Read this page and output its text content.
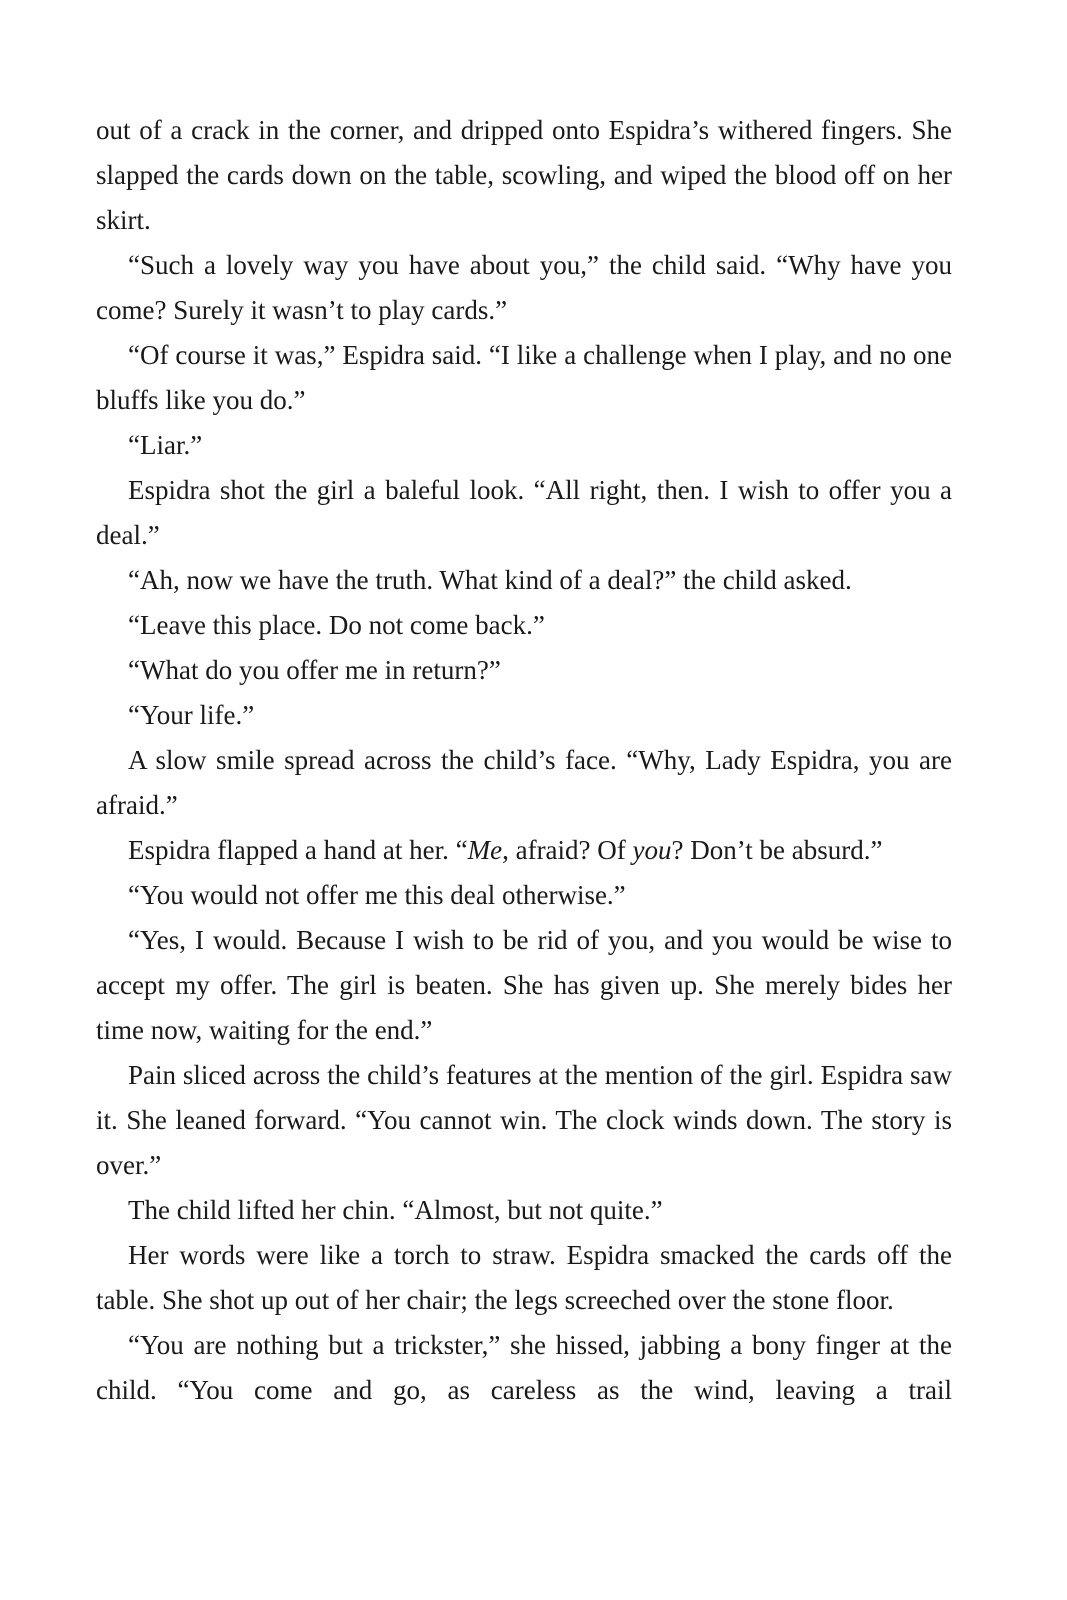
out of a crack in the corner, and dripped onto Espidra’s withered fingers. She slapped the cards down on the table, scowling, and wiped the blood off on her skirt.

“Such a lovely way you have about you,” the child said. “Why have you come? Surely it wasn’t to play cards.”

“Of course it was,” Espidra said. “I like a challenge when I play, and no one bluffs like you do.”

“Liar.”

Espidra shot the girl a baleful look. “All right, then. I wish to offer you a deal.”

“Ah, now we have the truth. What kind of a deal?” the child asked.

“Leave this place. Do not come back.”

“What do you offer me in return?”

“Your life.”

A slow smile spread across the child’s face. “Why, Lady Espidra, you are afraid.”

Espidra flapped a hand at her. “Me, afraid? Of you? Don’t be absurd.”

“You would not offer me this deal otherwise.”

“Yes, I would. Because I wish to be rid of you, and you would be wise to accept my offer. The girl is beaten. She has given up. She merely bides her time now, waiting for the end.”

Pain sliced across the child’s features at the mention of the girl. Espidra saw it. She leaned forward. “You cannot win. The clock winds down. The story is over.”

The child lifted her chin. “Almost, but not quite.”

Her words were like a torch to straw. Espidra smacked the cards off the table. She shot up out of her chair; the legs screeched over the stone floor.

“You are nothing but a trickster,” she hissed, jabbing a bony finger at the child. “You come and go, as careless as the wind, leaving a trail
